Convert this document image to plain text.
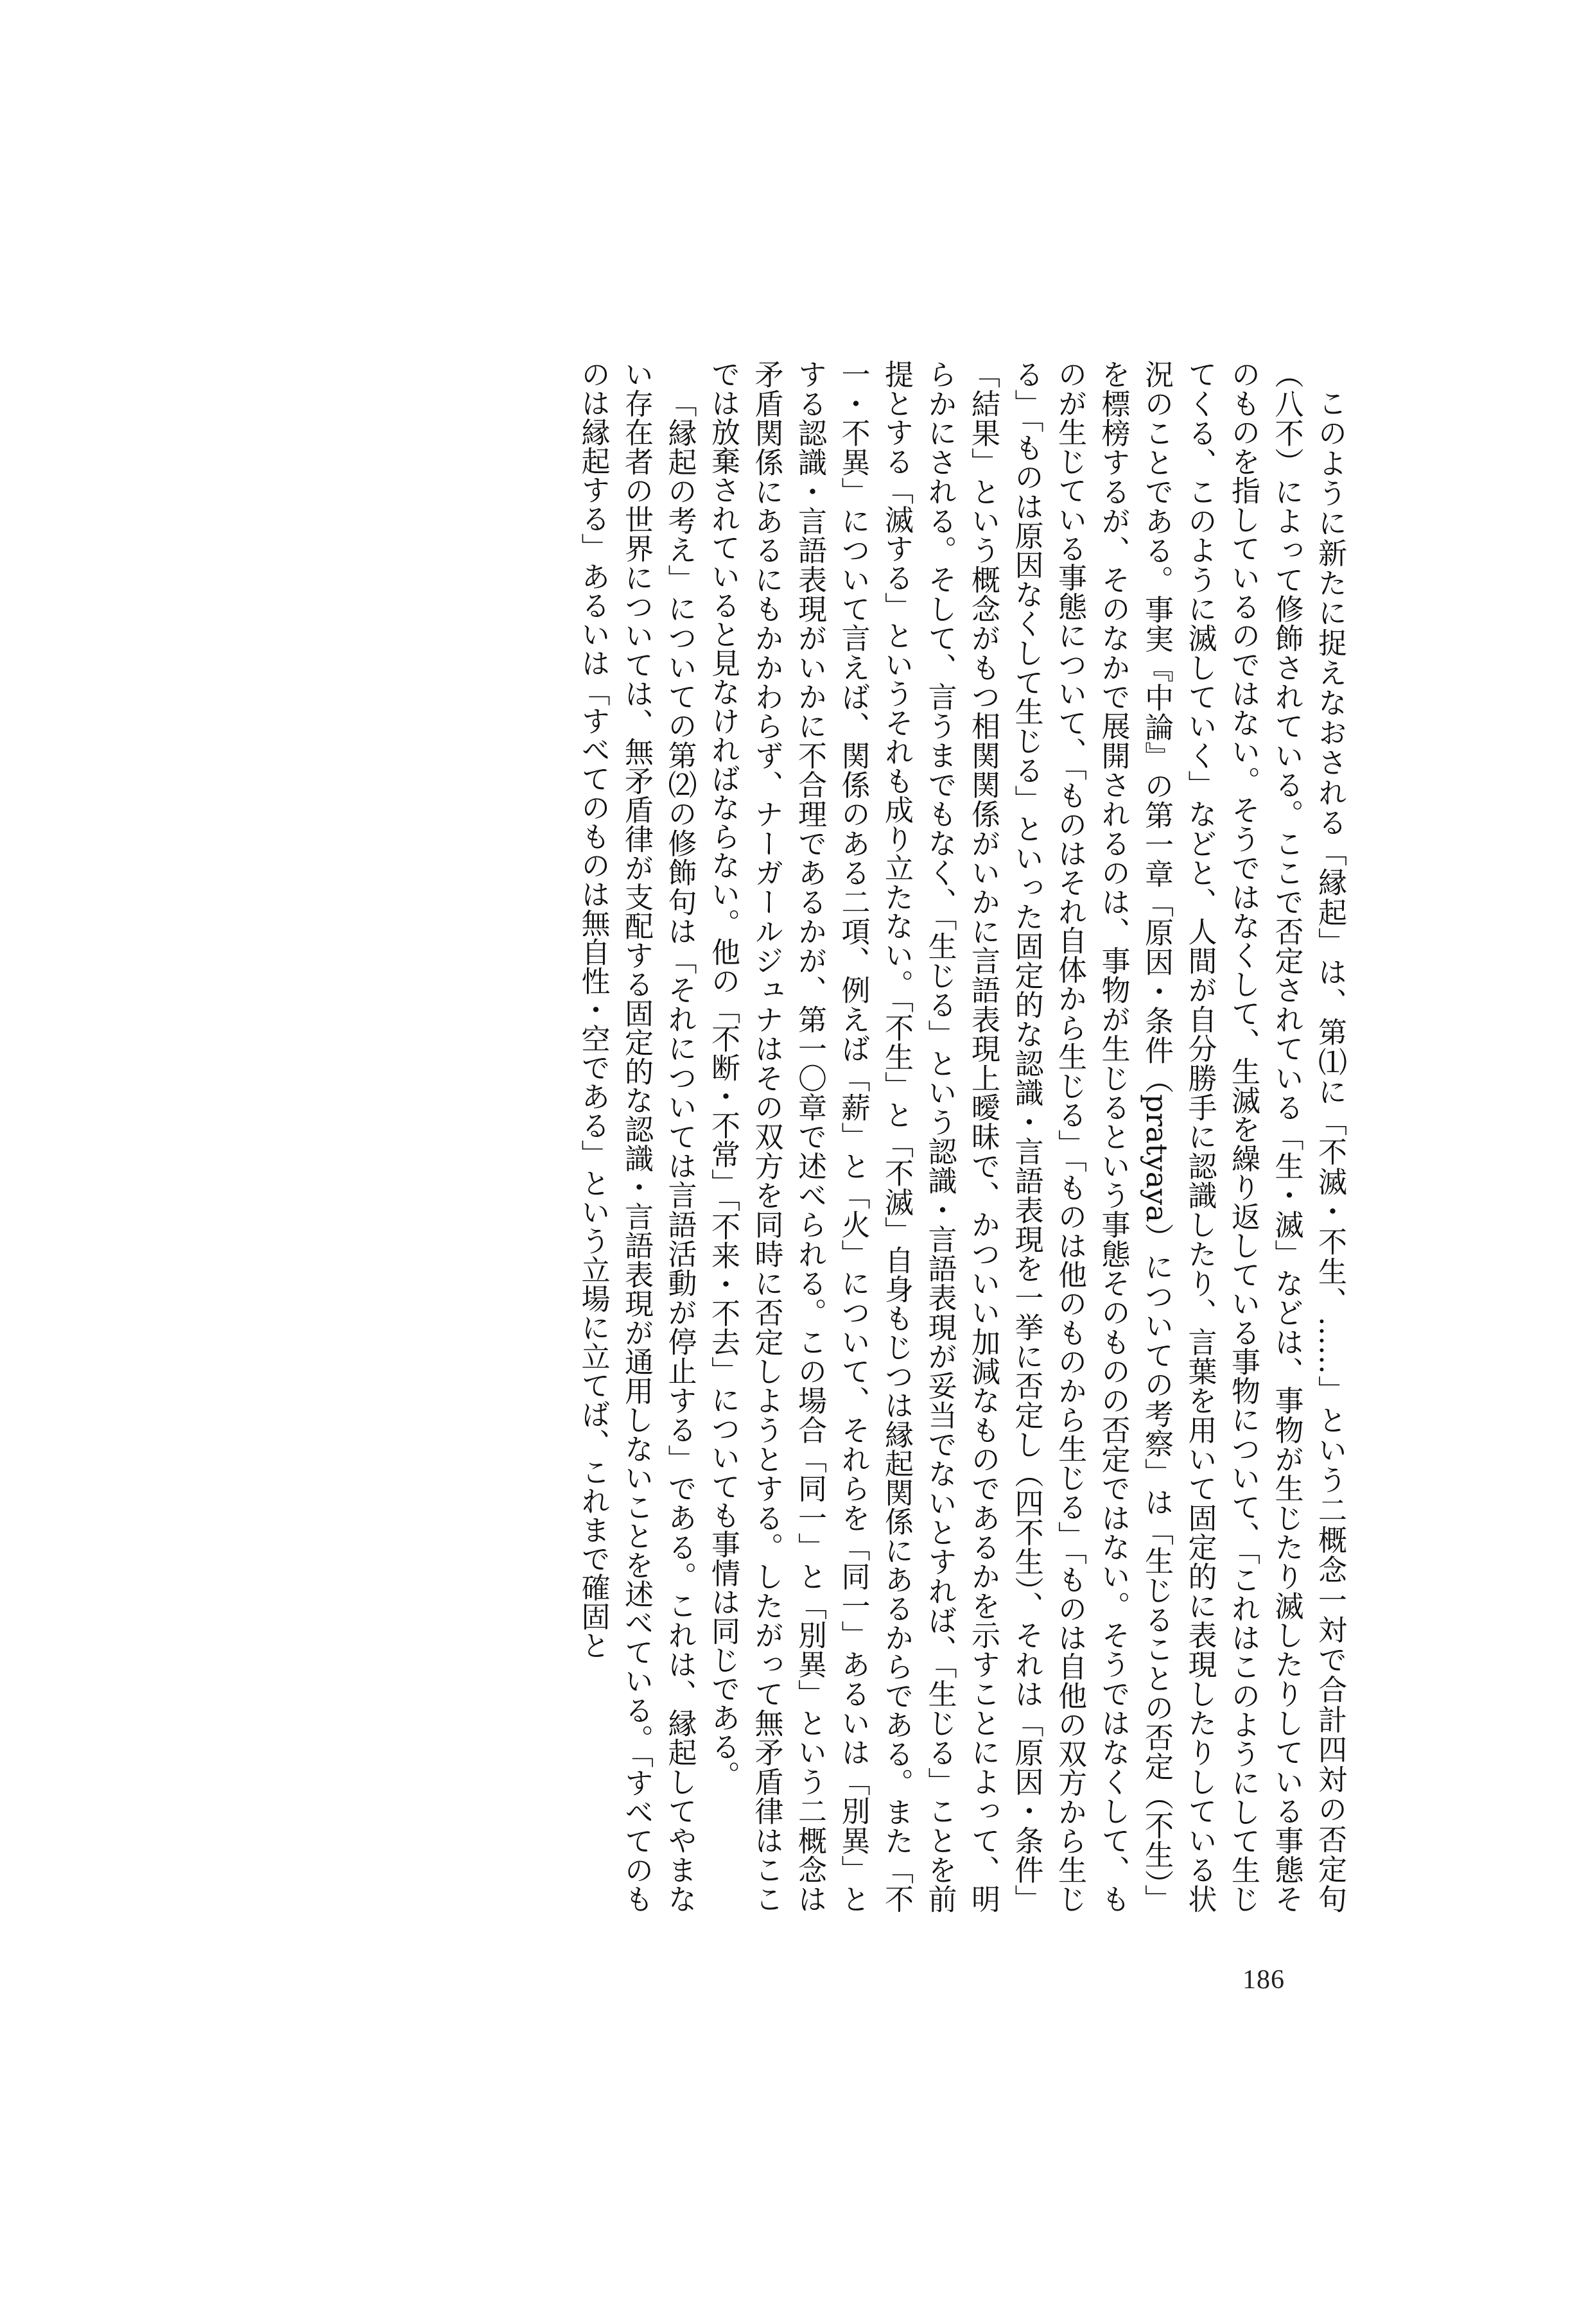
このように新たに捉えなおされる「縁起」は、第⑴に「不滅・不生、……」という二概念一対で合計四対の否定句（八不）によって修飾されている。ここで否定されている「生・滅」などは、事物が生じたり滅したりしている事態そのものを指しているのではない。そうではなくして、生滅を繰り返している事物について、「これはこのようにして生じてくる、このように滅していく」などと、人間が自分勝手に認識したり、言葉を用いて固定的に表現したりしている状況のことである。事実『中論』の第一章「原因・条件（pratyaya）についての考察」は「生じることの否定（不生）」を標榜するが、そのなかで展開されるのは、事物が生じるという事態そのものの否定ではない。そうではなくして、ものが生じている事態について、「ものはそれ自体から生じる」「ものは他のものから生じる」「ものは自他の双方から生じる」「ものは原因なくして生じる」といった固定的な認識・言語表現を一挙に否定し（四不生）、それは「原因・条件」「結果」という概念がもつ相関関係がいかに言語表現上曖昧で、かついい加減なものであるかを示すことによって、明らかにされる。そして、言うまでもなく、「生じる」という認識・言語表現が妥当でないとすれば、「生じる」ことを前提とする「滅する」というそれも成り立たない。「不生」と「不滅」自身もじつは縁起関係にあるからである。また「不一・不異」について言えば、関係のある二項、例えば「薪」と「火」について、それらを「同一」あるいは「別異」とする認識・言語表現がいかに不合理であるかが、第一〇章で述べられる。この場合「同一」と「別異」という二概念は矛盾関係にあるにもかかわらず、ナーガールジュナはその双方を同時に否定しようとする。したがって無矛盾律はここでは放棄されていると見なければならない。他の「不断・不常」「不来・不去」についても事情は同じである。

「縁起の考え」についての第⑵の修飾句は「それについては言語活動が停止する」である。これは、縁起してやまない存在者の世界については、無矛盾律が支配する固定的な認識・言語表現が通用しないことを述べている。「すべてのものは縁起する」あるいは「すべてのものは無自性・空である」という立場に立てば、これまで確固と

186
